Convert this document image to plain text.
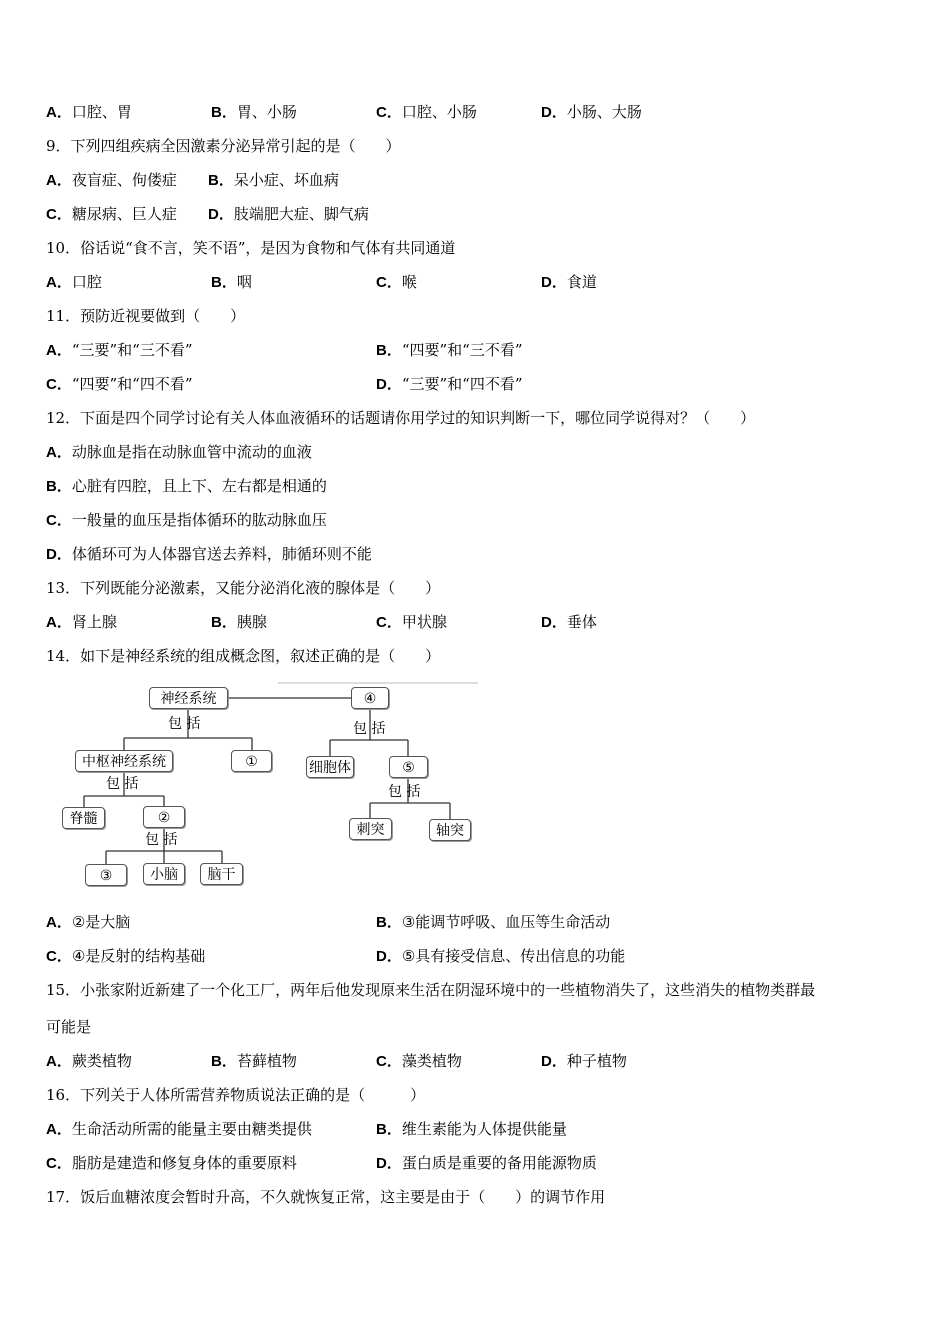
A．口腔、胃	B．胃、小肠	C．口腔、小肠	D．小肠、大肠
9．下列四组疾病全因激素分泌异常引起的是（　　）
A．夜盲症、佝偻症 B．呆小症、坏血病
C．糖尿病、巨人症 D．肢端肥大症、脚气病
10．俗话说“食不言，笑不语”，是因为食物和气体有共同通道
A．口腔	B．咽	C．喉	D．食道
11．预防近视要做到（　　）
A．“三要”和“三不看”	B．“四要”和“三不看”
C．“四要”和“四不看”	D．“三要”和“四不看”
12．下面是四个同学讨论有关人体血液循环的话题请你用学过的知识判断一下，哪位同学说得对？（　　）
A．动脉血是指在动脉血管中流动的血液
B．心脏有四腔，且上下、左右都是相通的
C．一般量的血压是指体循环的肱动脉血压
D．体循环可为人体器官送去养料，肺循环则不能
13．下列既能分泌激素，又能分泌消化液的腺体是（　　）
A．肾上腺	B．胰腺	C．甲状腺	D．垂体
14．如下是神经系统的组成概念图，叙述正确的是（　　）
神经系统	④
包 括	包 括
中枢神经系统	①	细胞体	⑤
包 括	包 括
脊髓	②
刺突	轴突
包 括
③	小脑	脑干
A．②是大脑	B．③能调节呼吸、血压等生命活动
C．④是反射的结构基础	D．⑤具有接受信息、传出信息的功能
15．小张家附近新建了一个化工厂，两年后他发现原来生活在阴湿环境中的一些植物消失了，这些消失的植物类群最
可能是
A．蕨类植物	B．苔藓植物	C．藻类植物	D．种子植物
16．下列关于人体所需营养物质说法正确的是（　　　）
A．生命活动所需的能量主要由糖类提供	B．维生素能为人体提供能量
C．脂肪是建造和修复身体的重要原料	D．蛋白质是重要的备用能源物质
17．饭后血糖浓度会暂时升高，不久就恢复正常，这主要是由于（　　）的调节作用
